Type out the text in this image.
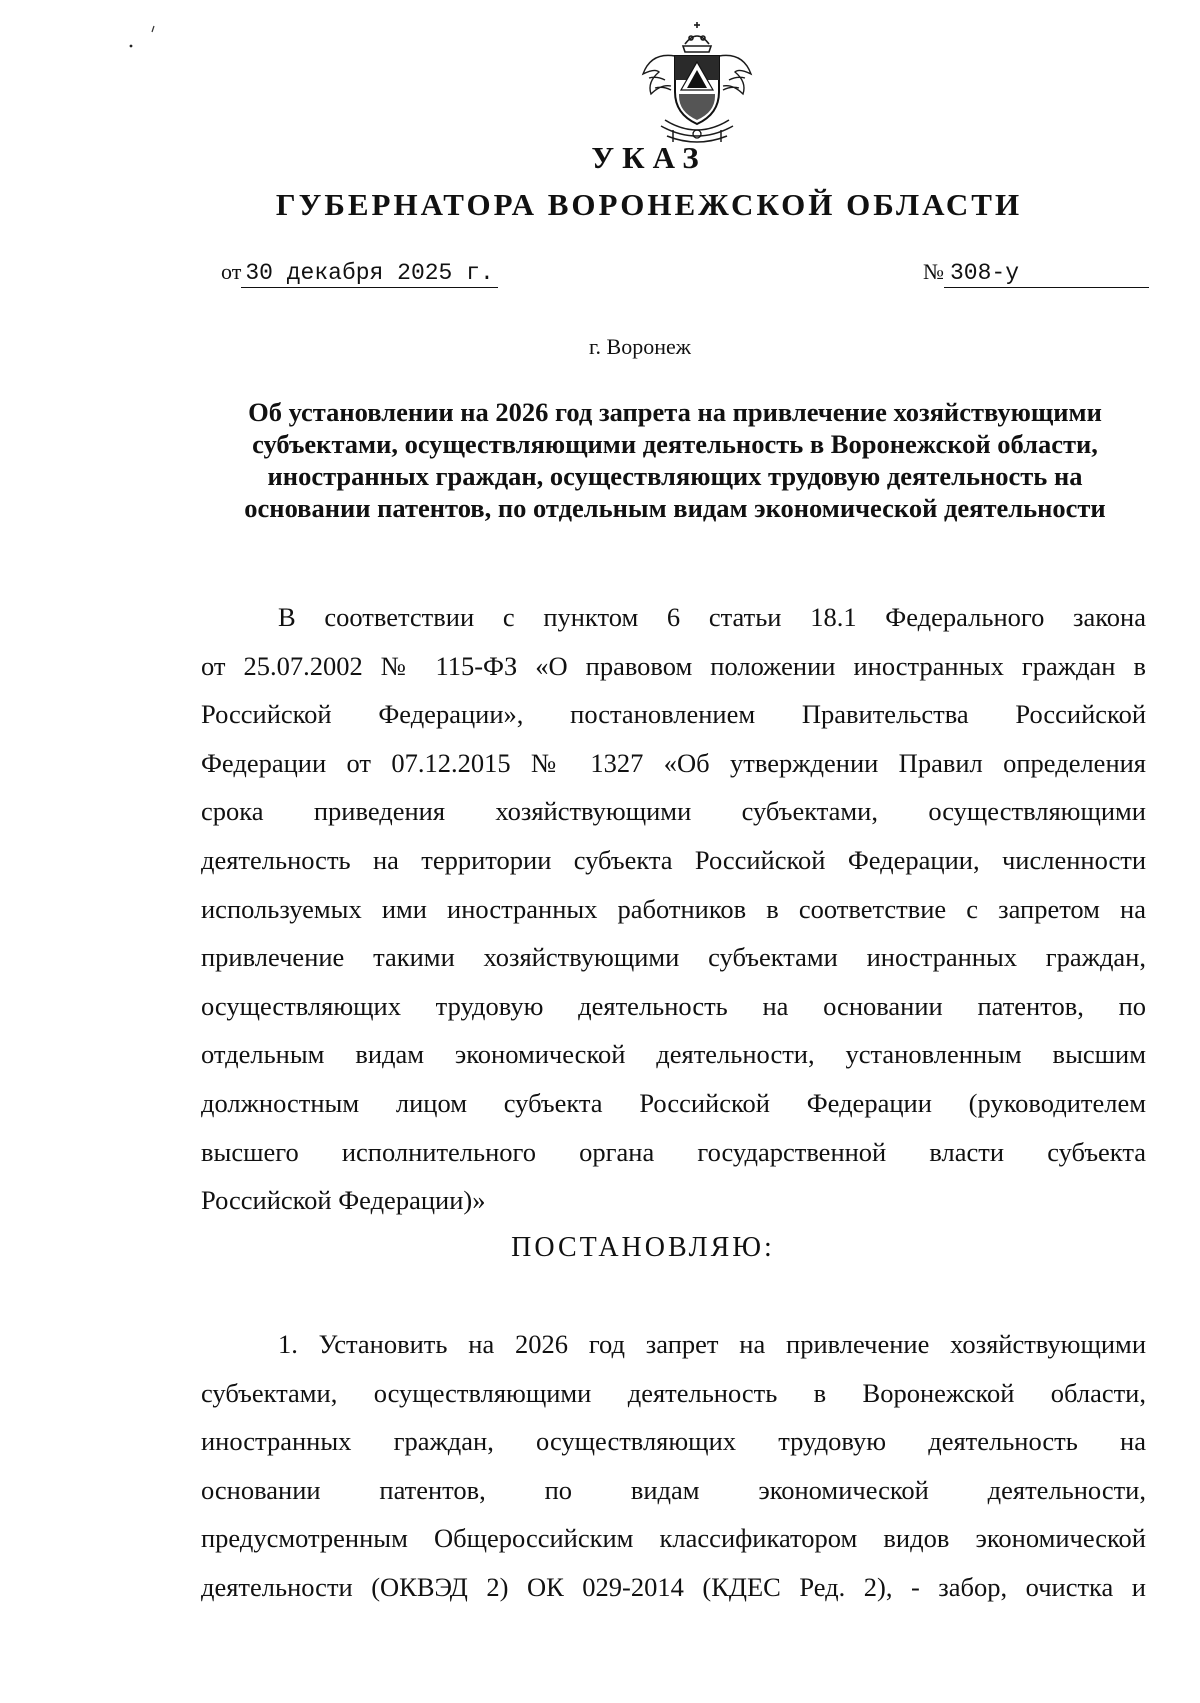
УКАЗ
ГУБЕРНАТОРА ВОРОНЕЖСКОЙ ОБЛАСТИ
от 30 декабря 2025 г.	№ 308-у
г. Воронеж
Об установлении на 2026 год запрета на привлечение хозяйствующими
субъектами, осуществляющими деятельность в Воронежской области,
иностранных граждан, осуществляющих трудовую деятельность на
основании патентов, по отдельным видам экономической деятельности
В соответствии с пунктом 6 статьи 18.1 Федерального закона
от 25.07.2002 № 115-ФЗ «О правовом положении иностранных граждан в
Российской Федерации», постановлением Правительства Российской
Федерации от 07.12.2015 № 1327 «Об утверждении Правил определения
срока приведения хозяйствующими субъектами, осуществляющими
деятельность на территории субъекта Российской Федерации, численности
используемых ими иностранных работников в соответствие с запретом на
привлечение такими хозяйствующими субъектами иностранных граждан,
осуществляющих трудовую деятельность на основании патентов, по
отдельным видам экономической деятельности, установленным высшим
должностным лицом субъекта Российской Федерации (руководителем
высшего исполнительного органа государственной власти субъекта
Российской Федерации)»
ПОСТАНОВЛЯЮ:
1. Установить на 2026 год запрет на привлечение хозяйствующими
субъектами, осуществляющими деятельность в Воронежской области,
иностранных граждан, осуществляющих трудовую деятельность на
основании патентов, по видам экономической деятельности,
предусмотренным Общероссийским классификатором видов экономической
деятельности (ОКВЭД 2) ОК 029-2014 (КДЕС Ред. 2), - забор, очистка и
